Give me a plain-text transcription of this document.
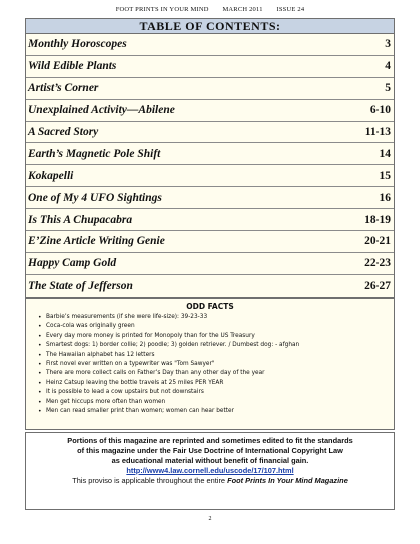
FOOT PRINTS IN YOUR MIND MARCH 2011 ISSUE 24
TABLE OF CONTENTS:
Monthly Horoscopes	3
Wild Edible Plants	4
Artist’s Corner	5
Unexplained Activity—Abilene	6-10
A Sacred Story	11-13
Earth’s Magnetic Pole Shift	14
Kokapelli	15
One of My 4 UFO Sightings	16
Is This A Chupacabra	18-19
E’Zine Article Writing Genie	20-21
Happy Camp Gold	22-23
The State of Jefferson	26-27
ODD FACTS
• Barbie’s measurements (if she were life-size): 39-23-33
• Coca-cola was originally green
• Every day more money is printed for Monopoly than for the US Treasury
• Smartest dogs: 1) border collie; 2) poodle; 3) golden retriever. / Dumbest dog: - afghan
• The Hawaiian alphabet has 12 letters
• First novel ever written on a typewriter was "Tom Sawyer"
• There are more collect calls on Father’s Day than any other day of the year
• Heinz Catsup leaving the bottle travels at 25 miles PER YEAR
• It is possible to lead a cow upstairs but not downstairs
• Men get hiccups more often than women
• Men can read smaller print than women; women can hear better
Portions of this magazine are reprinted and sometimes edited to fit the standards
of this magazine under the Fair Use Doctrine of International Copyright Law
as educational material without benefit of financial gain.
http://www4.law.cornell.edu/uscode/17/107.html
This proviso is applicable throughout the entire Foot Prints In Your Mind Magazine
2
